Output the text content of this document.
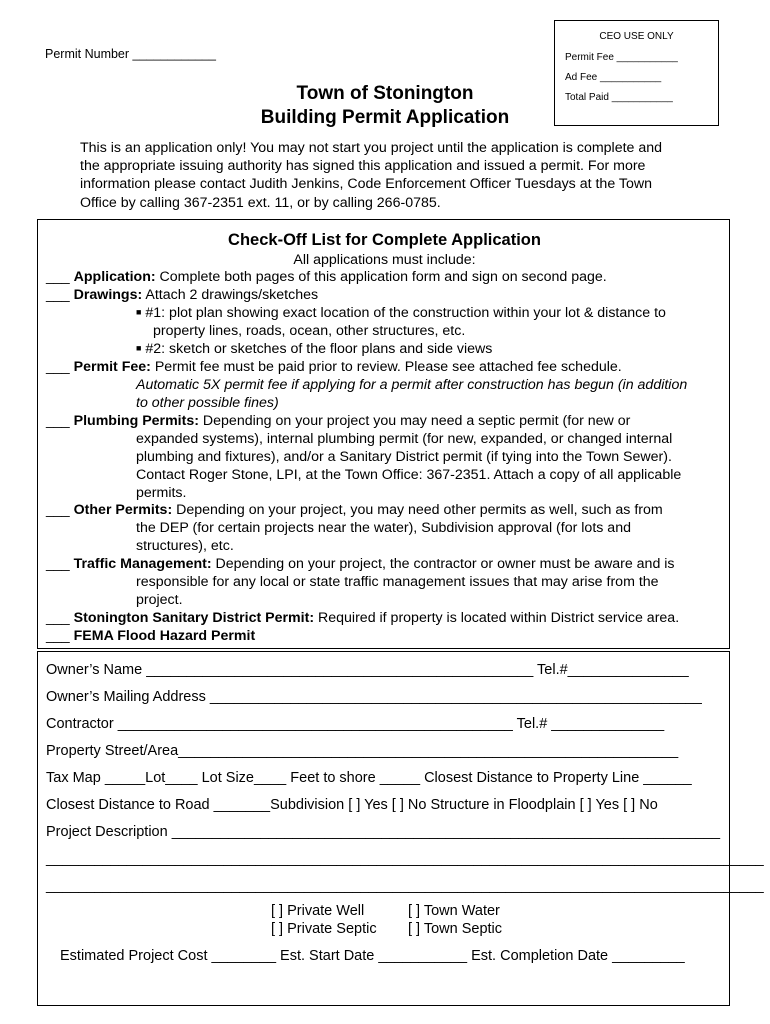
CEO USE ONLY
Permit Fee ___________
Ad Fee ___________
Total Paid ___________
Permit Number ____________
Town of Stonington
Building Permit Application
This is an application only! You may not start you project until the application is complete and
the appropriate issuing authority has signed this application and issued a permit. For more
information please contact Judith Jenkins, Code Enforcement Officer Tuesdays at the Town
Office by calling 367-2351 ext. 11, or by calling 266-0785.
Check-Off List for Complete Application
All applications must include:
___ Application: Complete both pages of this application form and sign on second page.
___ Drawings: Attach 2 drawings/sketches
■ #1: plot plan showing exact location of the construction within your lot & distance to
property lines, roads, ocean, other structures, etc.
■ #2: sketch or sketches of the floor plans and side views
___ Permit Fee: Permit fee must be paid prior to review. Please see attached fee schedule.
Automatic 5X permit fee if applying for a permit after construction has begun (in addition
to other possible fines)
___ Plumbing Permits: Depending on your project you may need a septic permit (for new or
expanded systems), internal plumbing permit (for new, expanded, or changed internal
plumbing and fixtures), and/or a Sanitary District permit (if tying into the Town Sewer).
Contact Roger Stone, LPI, at the Town Office: 367-2351. Attach a copy of all applicable
permits.
___ Other Permits: Depending on your project, you may need other permits as well, such as from
the DEP (for certain projects near the water), Subdivision approval (for lots and
structures), etc.
___ Traffic Management: Depending on your project, the contractor or owner must be aware and is
responsible for any local or state traffic management issues that may arise from the
project.
___ Stonington Sanitary District Permit: Required if property is located within District service area.
___ FEMA Flood Hazard Permit
Owner’s Name ________________________________________________ Tel.#_______________
Owner’s Mailing Address _____________________________________________________________
Contractor _________________________________________________ Tel.# ______________
Property Street/Area______________________________________________________________
Tax Map _____Lot____ Lot Size____ Feet to shore _____ Closest Distance to Property Line ______
Closest Distance to Road _______Subdivision [ ] Yes [ ] No Structure in Floodplain [ ] Yes [ ] No
Project Description ____________________________________________________________________
_________________________________________________________________________________________
_________________________________________________________________________________________
[ ] Private Well	[ ] Town Water
[ ] Private Septic [ ] Town Septic
Estimated Project Cost ________ Est. Start Date ___________ Est. Completion Date _________
